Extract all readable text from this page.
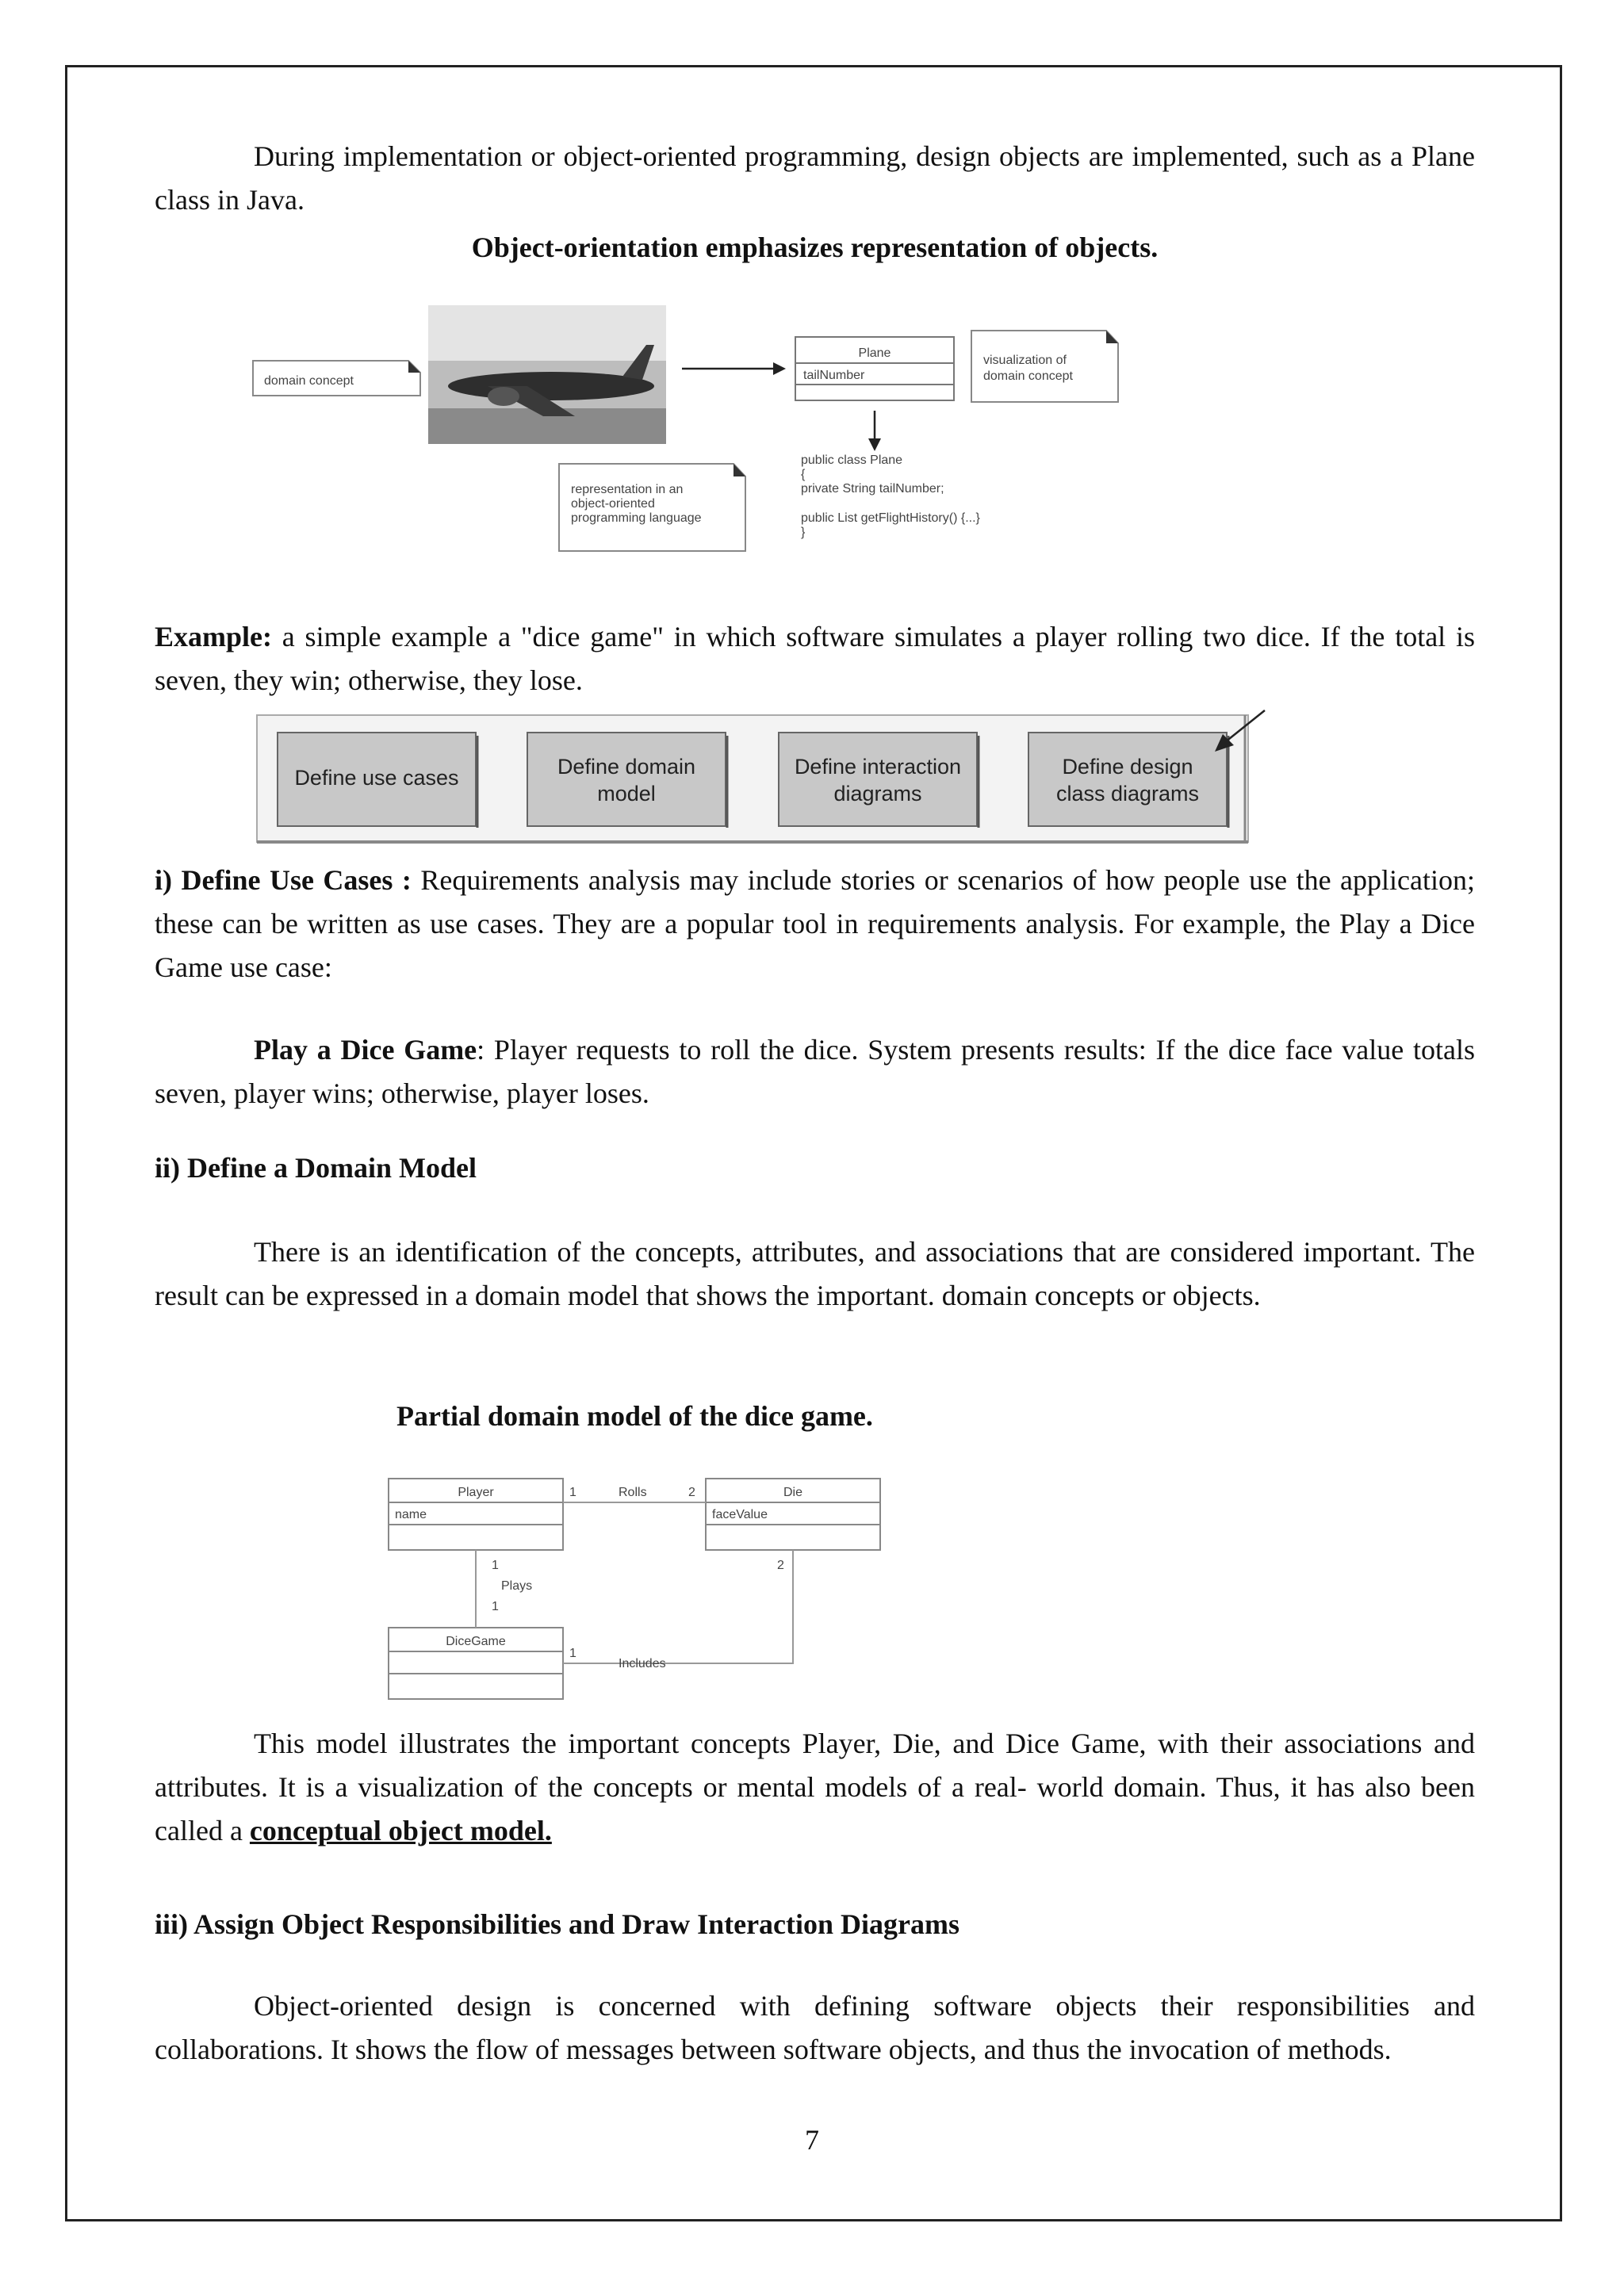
During implementation or object-oriented programming, design objects are implemented, such as a Plane class in Java.

Object-orientation emphasizes representation of objects.

domain concept
Plane
tailNumber
visualization of
domain concept
representation in an
object-oriented
programming language
public class Plane
{
private String tailNumber;
public List getFlightHistory() {...}
}

Example: a simple example a "dice game" in which software simulates a player rolling two dice. If the total is seven, they win; otherwise, they lose.

Define use cases	Define domain
model
Define interaction
diagrams
Define design
class diagrams

i) Define Use Cases : Requirements analysis may include stories or scenarios of how people use the application; these can be written as use cases. They are a popular tool in requirements analysis. For example, the Play a Dice Game use case:

Play a Dice Game: Player requests to roll the dice. System presents results: If the dice face value totals seven, player wins; otherwise, player loses.

ii) Define a Domain Model

There is an identification of the concepts, attributes, and associations that are considered important. The result can be expressed in a domain model that shows the important. domain concepts or objects.

Partial domain model of the dice game.

Player
name
Die
faceValue
DiceGame
1	Rolls	2
1
Plays
1
1
Includes
2

This model illustrates the important concepts Player, Die, and Dice Game, with their associations and attributes. It is a visualization of the concepts or mental models of a real- world domain. Thus, it has also been called a conceptual object model.

iii) Assign Object Responsibilities and Draw Interaction Diagrams

Object-oriented design is concerned with defining software objects their responsibilities and collaborations. It shows the flow of messages between software objects, and thus the invocation of methods.

7
